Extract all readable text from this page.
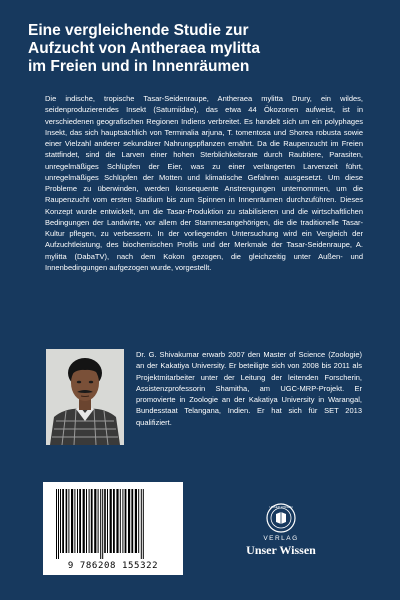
Eine vergleichende Studie zur
Aufzucht von Antheraea mylitta
im Freien und in Innenräumen

Die indische, tropische Tasar-Seidenraupe, Antheraea mylitta Drury, ein wildes, seidenproduzierendes Insekt (Saturniidae), das etwa 44 Ökozonen aufweist, ist in verschiedenen geografischen Regionen Indiens verbreitet. Es handelt sich um ein polyphages Insekt, das sich hauptsächlich von Terminalia arjuna, T. tomentosa und Shorea robusta sowie einer Vielzahl anderer sekundärer Nahrungspflanzen ernährt. Da die Raupenzucht im Freien stattfindet, sind die Larven einer hohen Sterblichkeitsrate durch Raubtiere, Parasiten, unregelmäßiges Schlüpfen der Eier, was zu einer verlängerten Larvenzeit führt, unregelmäßiges Schlüpfen der Motten und klimatische Gefahren ausgesetzt. Um diese Probleme zu überwinden, werden konsequente Anstrengungen unternommen, um die Raupenzucht vom ersten Stadium bis zum Spinnen in Innenräumen durchzuführen. Dieses Konzept wurde entwickelt, um die Tasar-Produktion zu stabilisieren und die wirtschaftlichen Bedingungen der Landwirte, vor allem der Stammesangehörigen, die die traditionelle Tasar-Kultur pflegen, zu verbessern. In der vorliegenden Untersuchung wird ein Vergleich der Aufzuchtleistung, des biochemischen Profils und der Merkmale der Tasar-Seidenraupe, A. mylitta (DabaTV), nach dem Kokon gezogen, die gleichzeitig unter Außen- und Innenbedingungen aufgezogen wurde, vorgestellt.

Dr. G. Shivakumar erwarb 2007 den Master of Science (Zoologie) an der Kakatiya University. Er beteiligte sich von 2008 bis 2011 als Projektmitarbeiter unter der Leitung der leitenden Forscherin, Assistenzprofessorin Shamitha, am UGC-MRP-Projekt. Er promovierte in Zoologie an der Kakatiya University in Warangal, Bundesstaat Telangana, Indien. Er hat sich für SET 2013 qualifiziert.

9 786208 155322
UNSER WISSEN
VERLAG
Unser Wissen
